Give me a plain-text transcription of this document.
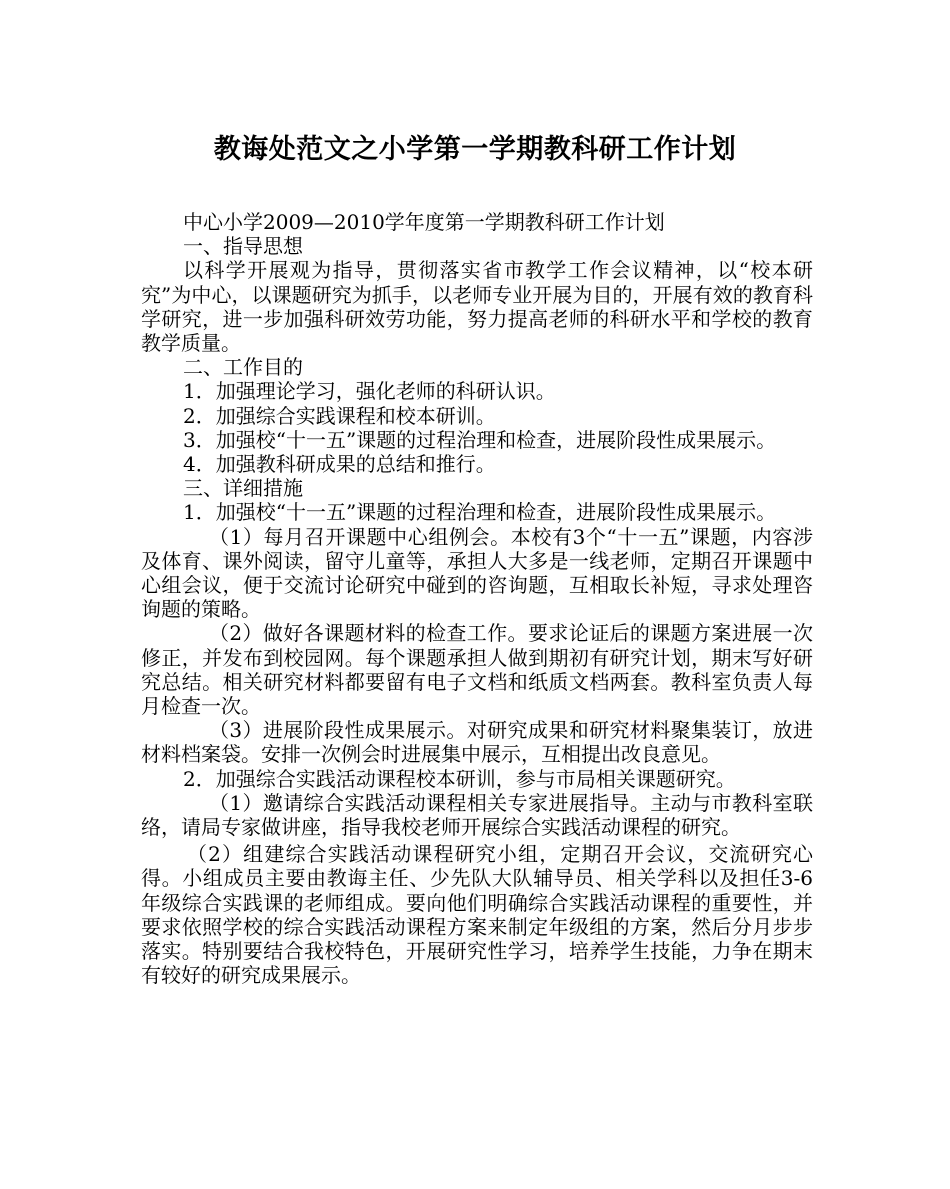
教诲处范文之小学第一学期教科研工作计划

中心小学2009—2010学年度第一学期教科研工作计划

一、指导思想

以科学开展观为指导，贯彻落实省市教学工作会议精神，以“校本研究”为中心，以课题研究为抓手，以老师专业开展为目的，开展有效的教育科学研究，进一步加强科研效劳功能，努力提高老师的科研水平和学校的教育教学质量。

二、工作目的

1．加强理论学习，强化老师的科研认识。

2．加强综合实践课程和校本研训。

3．加强校“十一五”课题的过程治理和检查，进展阶段性成果展示。

4．加强教科研成果的总结和推行。

三、详细措施

1．加强校“十一五”课题的过程治理和检查，进展阶段性成果展示。

（1）每月召开课题中心组例会。本校有3个“十一五”课题，内容涉及体育、课外阅读，留守儿童等，承担人大多是一线老师，定期召开课题中心组会议，便于交流讨论研究中碰到的咨询题，互相取长补短，寻求处理咨询题的策略。

（2）做好各课题材料的检查工作。要求论证后的课题方案进展一次修正，并发布到校园网。每个课题承担人做到期初有研究计划，期末写好研究总结。相关研究材料都要留有电子文档和纸质文档两套。教科室负责人每月检查一次。

（3）进展阶段性成果展示。对研究成果和研究材料聚集装订，放进材料档案袋。安排一次例会时进展集中展示，互相提出改良意见。

2．加强综合实践活动课程校本研训，参与市局相关课题研究。

（1）邀请综合实践活动课程相关专家进展指导。主动与市教科室联络，请局专家做讲座，指导我校老师开展综合实践活动课程的研究。

（2）组建综合实践活动课程研究小组，定期召开会议，交流研究心得。小组成员主要由教诲主任、少先队大队辅导员、相关学科以及担任3-6年级综合实践课的老师组成。要向他们明确综合实践活动课程的重要性，并要求依照学校的综合实践活动课程方案来制定年级组的方案，然后分月步步落实。特别要结合我校特色，开展研究性学习，培养学生技能，力争在期末有较好的研究成果展示。
